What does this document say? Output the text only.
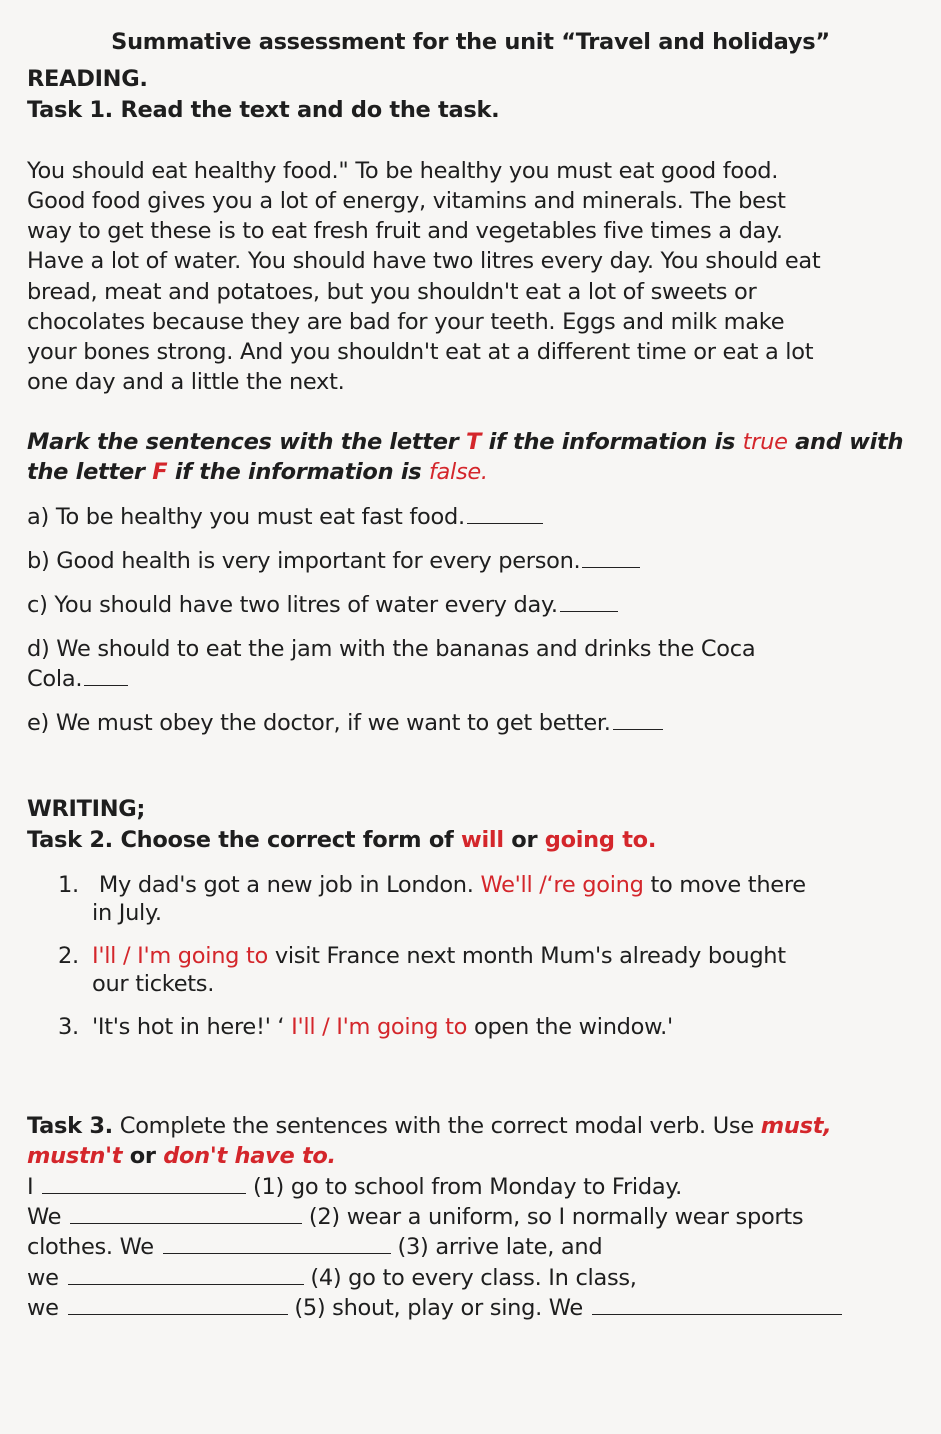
Summative assessment for the unit “Travel and holidays”
READING.
Task 1. Read the text and do the task.
You should eat healthy food." To be healthy you must eat good food.
Good food gives you a lot of energy, vitamins and minerals. The best
way to get these is to eat fresh fruit and vegetables five times a day.
Have a lot of water. You should have two litres every day. You should eat
bread, meat and potatoes, but you shouldn't eat a lot of sweets or
chocolates because they are bad for your teeth. Eggs and milk make
your bones strong. And you shouldn't eat at a different time or eat a lot
one day and a little the next.
Mark the sentences with the letter T if the information is true and with
the letter F if the information is false.
a) To be healthy you must eat fast food.
b) Good health is very important for every person.
c) You should have two litres of water every day.
d) We should to eat the jam with the bananas and drinks the Coca
Cola.
e) We must obey the doctor, if we want to get better.
WRITING;
Task 2. Choose the correct form of will or going to.
1. My dad's got a new job in London. We'll /‘re going to move there
in July.
2. I'll / I'm going to visit France next month Mum's already bought
our tickets.
3. 'It's hot in here!' ‘ I'll / I'm going to open the window.'
Task 3. Complete the sentences with the correct modal verb. Use must,
mustn't or don't have to.
I	(1) go to school from Monday to Friday.
We	(2) wear a uniform, so I normally wear sports
clothes. We	(3) arrive late, and
we	(4) go to every class. In class,
we	(5) shout, play or sing. We
